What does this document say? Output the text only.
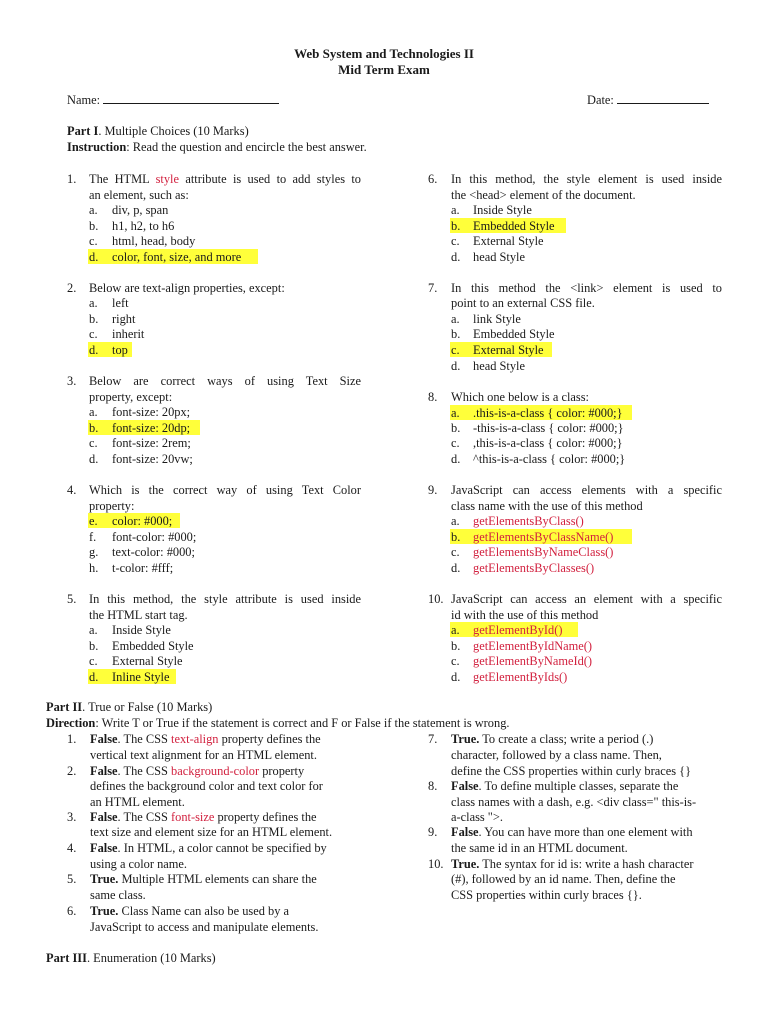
Web System and Technologies II
Mid Term Exam
Name:	Date:
Part I. Multiple Choices (10 Marks)
Instruction: Read the question and encircle the best answer.
1. The HTML style attribute is used to add styles to
an element, such as:
a. div, p, span
b. h1, h2, to h6
c. html, head, body
d. color, font, size, and more
2. Below are text-align properties, except:
a. left
b. right
c. inherit
d. top
3. Below are correct ways of using Text Size
property, except:
a. font-size: 20px;
b. font-size: 20dp;
c. font-size: 2rem;
d. font-size: 20vw;
4. Which is the correct way of using Text Color
property:
e. color: #000;
f. font-color: #000;
g. text-color: #000;
h. t-color: #fff;
5. In this method, the style attribute is used inside
the HTML start tag.
a. Inside Style
b. Embedded Style
c. External Style
d. Inline Style
6. In this method, the style element is used inside
the <head> element of the document.
a. Inside Style
b. Embedded Style
c. External Style
d. head Style
7. In this method the <link> element is used to
point to an external CSS file.
a. link Style
b. Embedded Style
c. External Style
d. head Style
8. Which one below is a class:
a. .this-is-a-class { color: #000;}
b. -this-is-a-class { color: #000;}
c. ,this-is-a-class { color: #000;}
d. ^this-is-a-class { color: #000;}
9. JavaScript can access elements with a specific
class name with the use of this method
a. getElementsByClass()
b. getElementsByClassName()
c. getElementsByNameClass()
d. getElementsByClasses()
10. JavaScript can access an element with a specific
id with the use of this method
a. getElementById()
b. getElementByIdName()
c. getElementByNameId()
d. getElementByIds()
Part II. True or False (10 Marks)
Direction: Write T or True if the statement is correct and F or False if the statement is wrong.
1. False. The CSS text-align property defines the
vertical text alignment for an HTML element.
2. False. The CSS background-color property
defines the background color and text color for
an HTML element.
3. False. The CSS font-size property defines the
text size and element size for an HTML element.
4. False. In HTML, a color cannot be specified by
using a color name.
5. True. Multiple HTML elements can share the
same class.
6. True. Class Name can also be used by a
JavaScript to access and manipulate elements.
7. True. To create a class; write a period (.)
character, followed by a class name. Then,
define the CSS properties within curly braces {}
8. False. To define multiple classes, separate the
class names with a dash, e.g. <div class=" this-is-
a-class ">.
9. False. You can have more than one element with
the same id in an HTML document.
10. True. The syntax for id is: write a hash character
(#), followed by an id name. Then, define the
CSS properties within curly braces {}.
Part III. Enumeration (10 Marks)
